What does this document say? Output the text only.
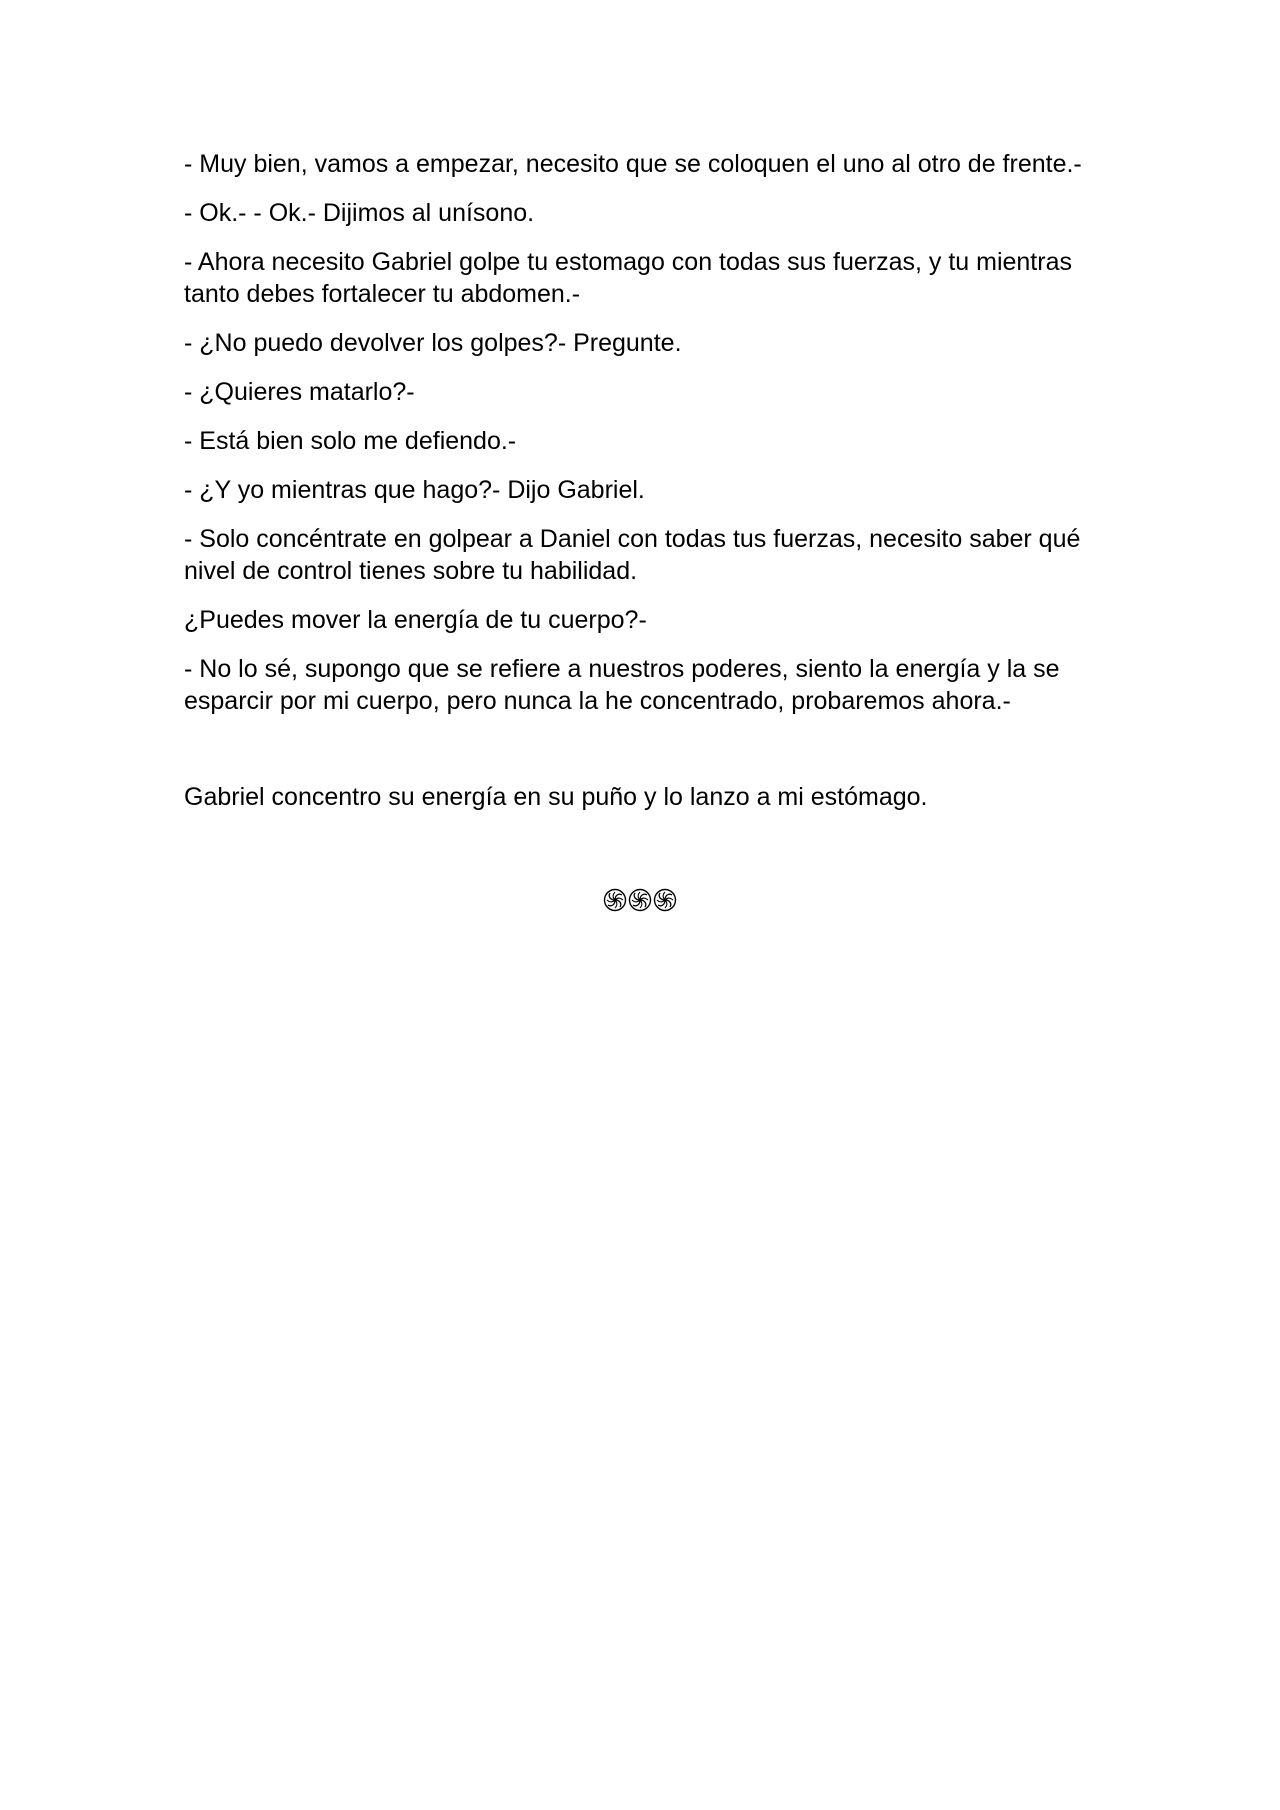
- Muy bien, vamos a empezar, necesito que se coloquen el uno al otro de frente.-

- Ok.- - Ok.- Dijimos al unísono.

- Ahora necesito Gabriel golpe tu estomago con todas sus fuerzas, y tu mientras tanto debes fortalecer tu abdomen.-

- ¿No puedo devolver los golpes?- Pregunte.

- ¿Quieres matarlo?-

- Está bien solo me defiendo.-

- ¿Y yo mientras que hago?- Dijo Gabriel.

- Solo concéntrate en golpear a Daniel con todas tus fuerzas, necesito saber qué nivel de control tienes sobre tu habilidad.

¿Puedes mover la energía de tu cuerpo?-

- No lo sé, supongo que se refiere a nuestros poderes, siento la energía y la se esparcir por mi cuerpo, pero nunca la he concentrado, probaremos ahora.-

Gabriel concentro su energía en su puño y lo lanzo a mi estómago.
